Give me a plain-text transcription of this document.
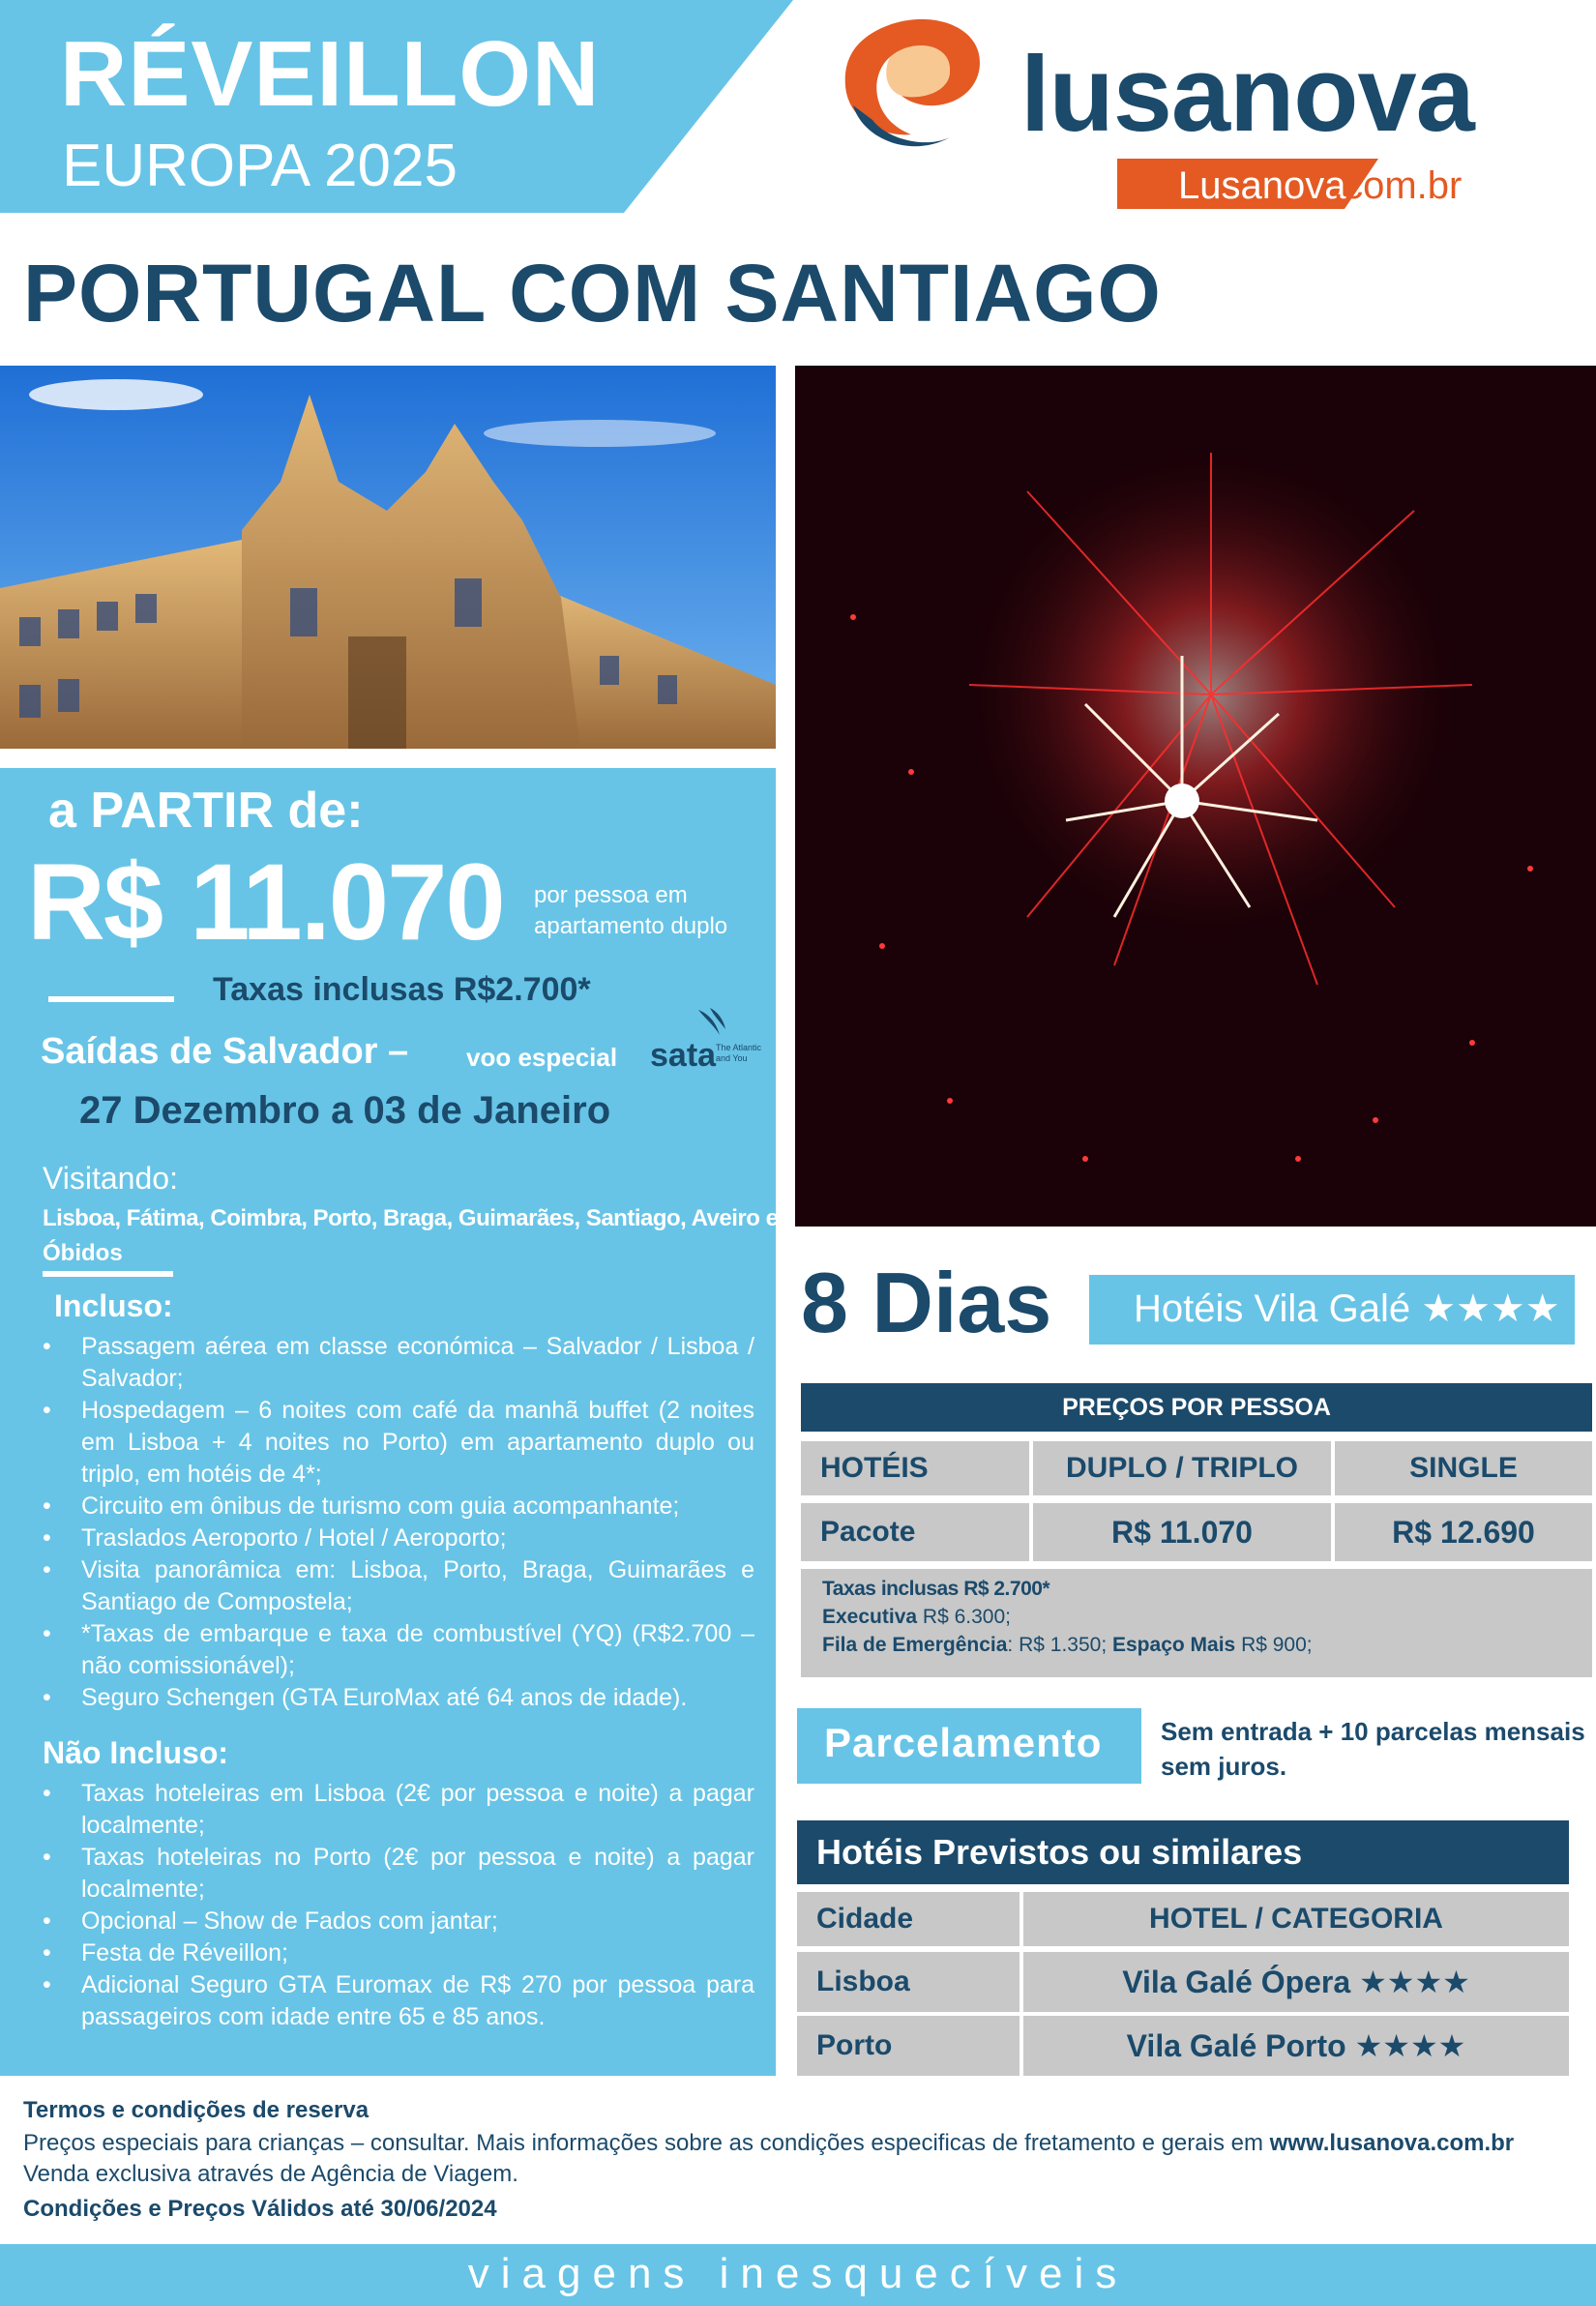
RÉVEILLON
EUROPA 2025
lusanova
Lusanova
.com.br
PORTUGAL COM SANTIAGO
a PARTIR de:
R$ 11.070 por pessoa em
apartamento duplo
Taxas inclusas R$2.700*
Saídas de Salvador – voo especial sata The Atlantic and You
27 Dezembro a 03 de Janeiro
Visitando:
Lisboa, Fátima, Coimbra, Porto, Braga, Guimarães, Santiago, Aveiro e
Óbidos
Incluso:
• Passagem aérea em classe económica – Salvador / Lisboa / Salvador;
• Hospedagem – 6 noites com café da manhã buffet (2 noites em Lisboa + 4 noites no Porto) em apartamento duplo ou triplo, em hotéis de 4*;
• Circuito em ônibus de turismo com guia acompanhante;
• Traslados Aeroporto / Hotel / Aeroporto;
• Visita panorâmica em: Lisboa, Porto, Braga, Guimarães e Santiago de Compostela;
• *Taxas de embarque e taxa de combustível (YQ) (R$2.700 – não comissionável);
• Seguro Schengen (GTA EuroMax até 64 anos de idade).
Não Incluso:
• Taxas hoteleiras em Lisboa (2€ por pessoa e noite) a pagar localmente;
• Taxas hoteleiras no Porto (2€ por pessoa e noite) a pagar localmente;
• Opcional – Show de Fados com jantar;
• Festa de Réveillon;
• Adicional Seguro GTA Euromax de R$ 270 por pessoa para passageiros com idade entre 65 e 85 anos.
8 Dias Hotéis Vila Galé ★★★★
PREÇOS POR PESSOA
HOTÉIS	DUPLO / TRIPLO	SINGLE
Pacote	R$ 11.070	R$ 12.690
Taxas inclusas R$ 2.700*
Executiva R$ 6.300;
Fila de Emergência: R$ 1.350; Espaço Mais R$ 900;
Parcelamento Sem entrada + 10 parcelas mensais
sem juros.
Hotéis Previstos ou similares
Cidade	HOTEL / CATEGORIA
Lisboa	Vila Galé Ópera ★★★★
Porto	Vila Galé Porto ★★★★
Termos e condições de reserva
Preços especiais para crianças – consultar. Mais informações sobre as condições especificas de fretamento e gerais em www.lusanova.com.br
Venda exclusiva através de Agência de Viagem.
Condições e Preços Válidos até 30/06/2024
viagens inesquecíveis
